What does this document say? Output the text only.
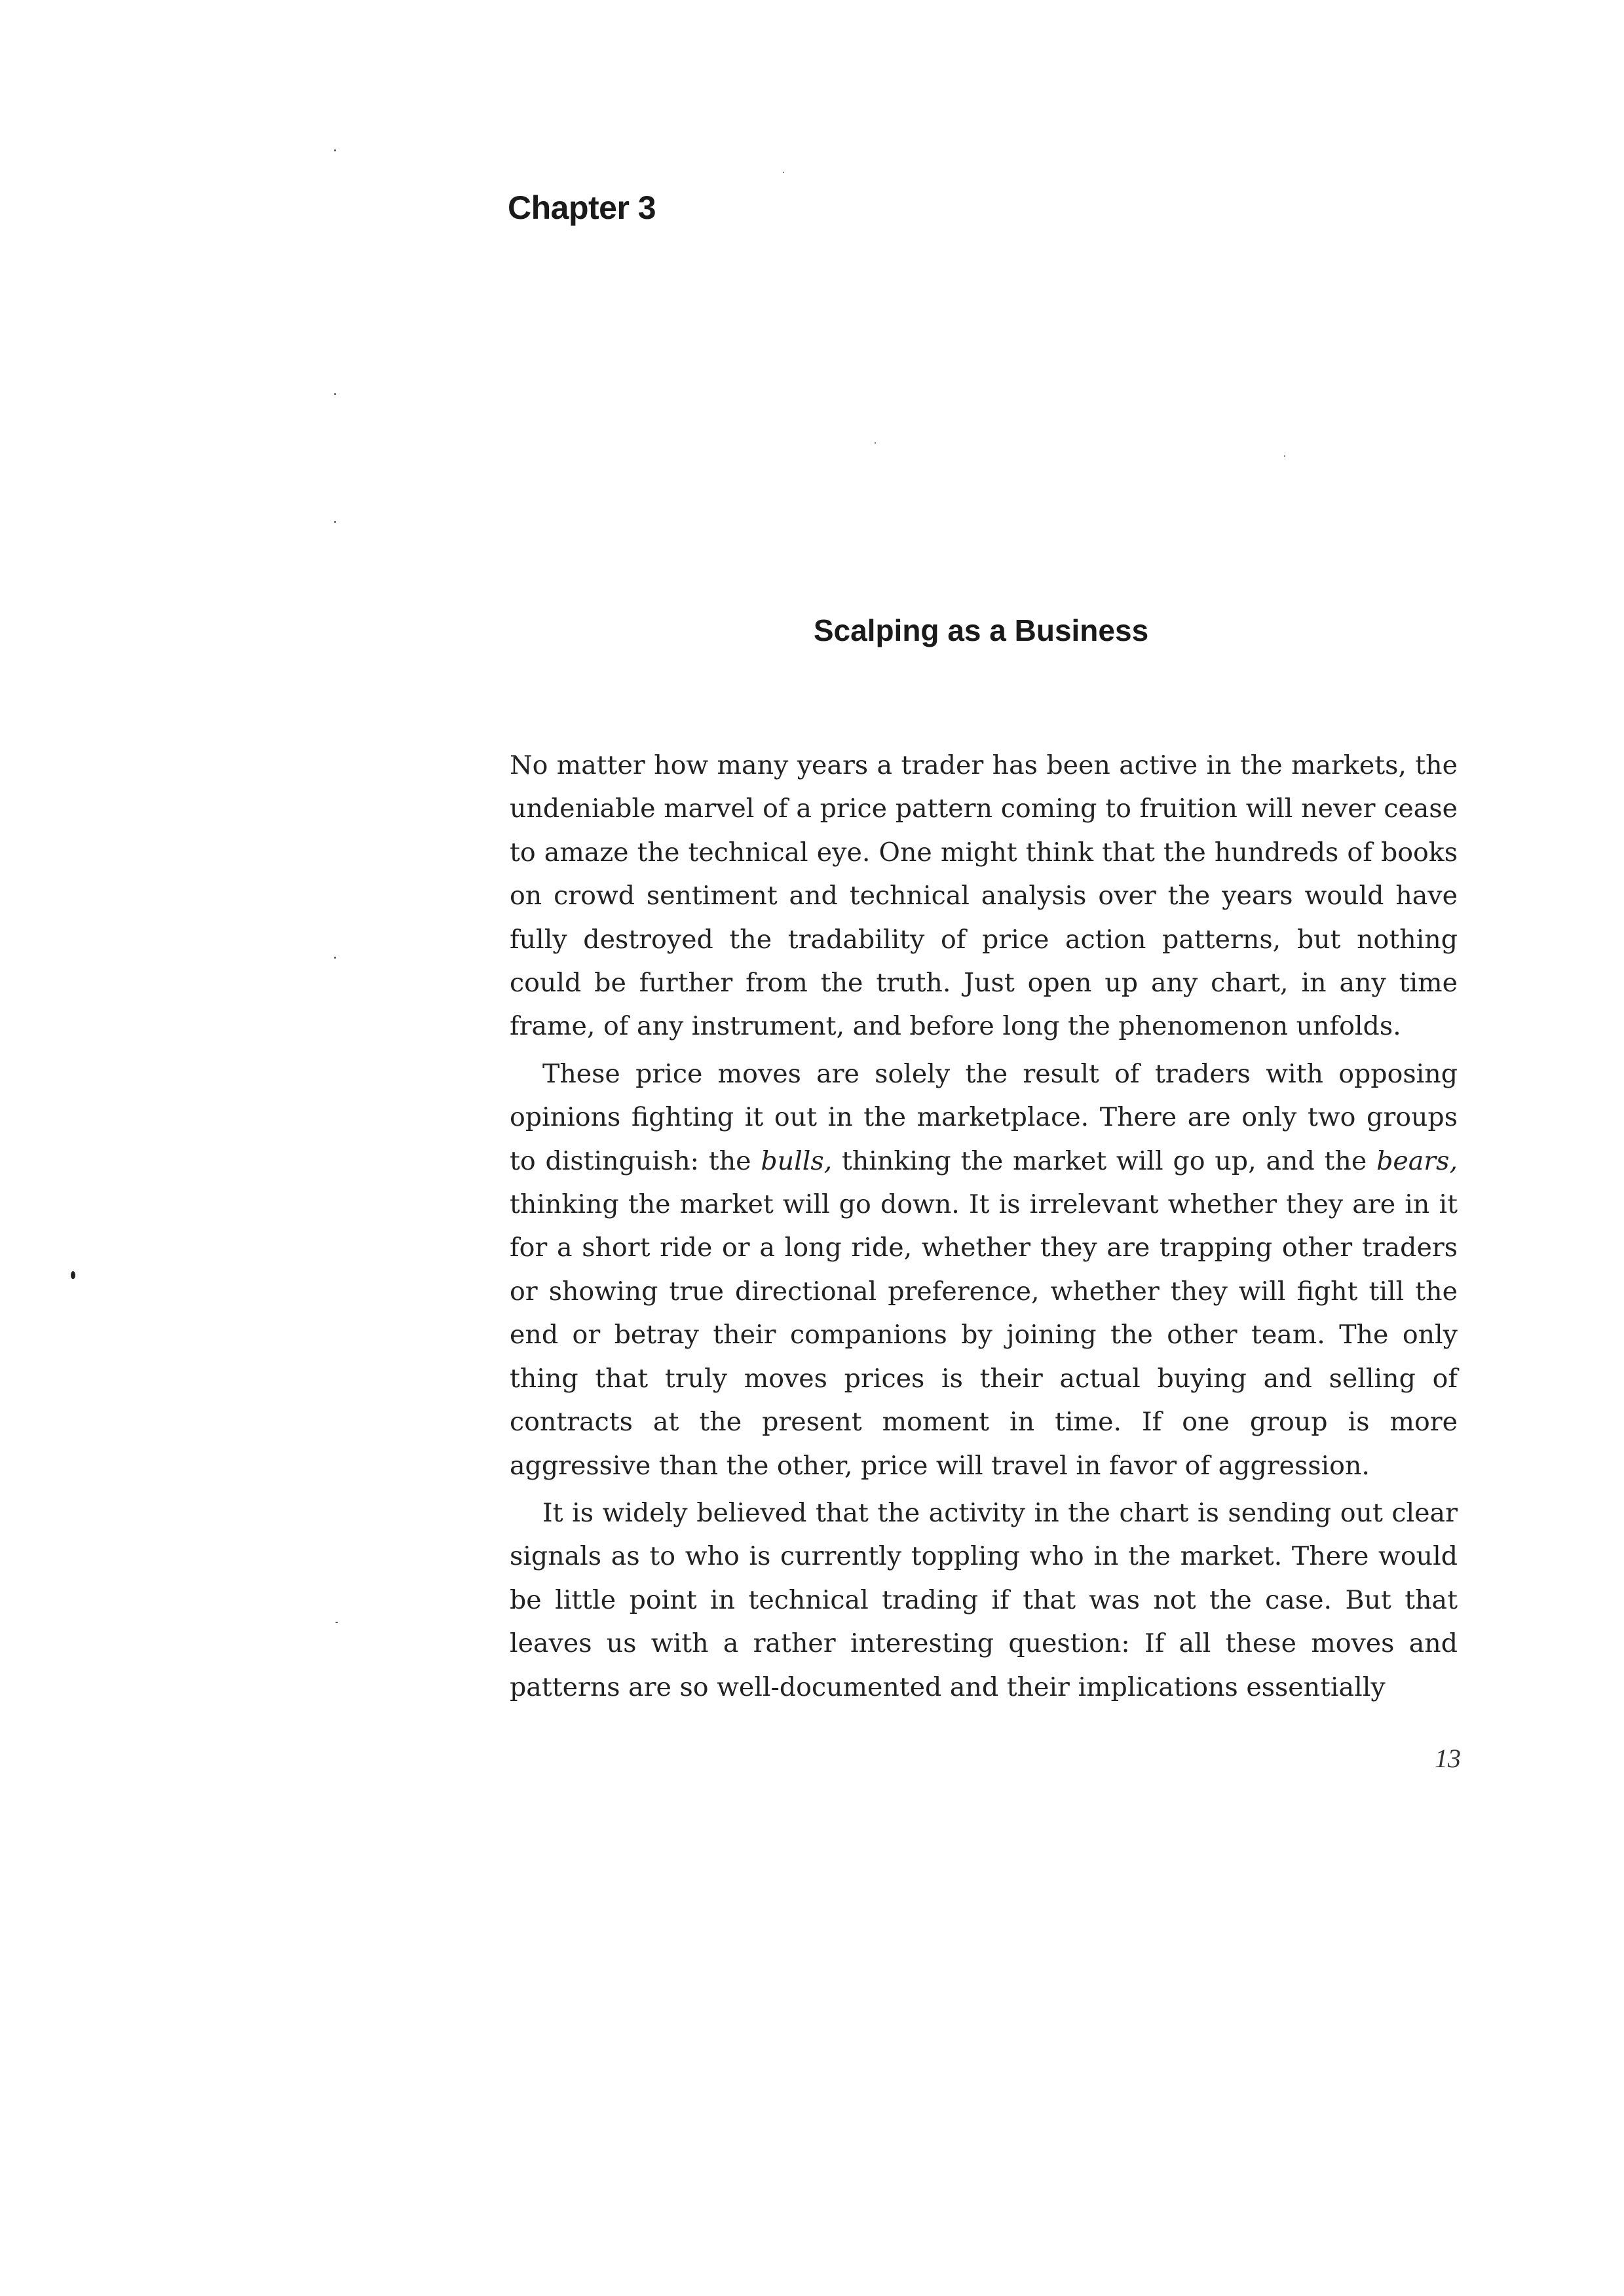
Chapter 3
Scalping as a Business

No matter how many years a trader has been active in the markets, the undeniable marvel of a price pattern coming to fruition will never cease to amaze the technical eye. One might think that the hundreds of books on crowd sentiment and technical analysis over the years would have fully destroyed the tradability of price action patterns, but nothing could be further from the truth. Just open up any chart, in any time frame, of any instrument, and before long the phenomenon unfolds.

These price moves are solely the result of traders with opposing opinions fighting it out in the marketplace. There are only two groups to distinguish: the bulls, thinking the market will go up, and the bears, thinking the market will go down. It is irrelevant whether they are in it for a short ride or a long ride, whether they are trapping other traders or showing true directional preference, whether they will fight till the end or betray their companions by joining the other team. The only thing that truly moves prices is their actual buying and selling of contracts at the present moment in time. If one group is more aggressive than the other, price will travel in favor of aggression.

It is widely believed that the activity in the chart is sending out clear signals as to who is currently toppling who in the market. There would be little point in technical trading if that was not the case. But that leaves us with a rather interesting question: If all these moves and patterns are so well-documented and their implications essentially

13
